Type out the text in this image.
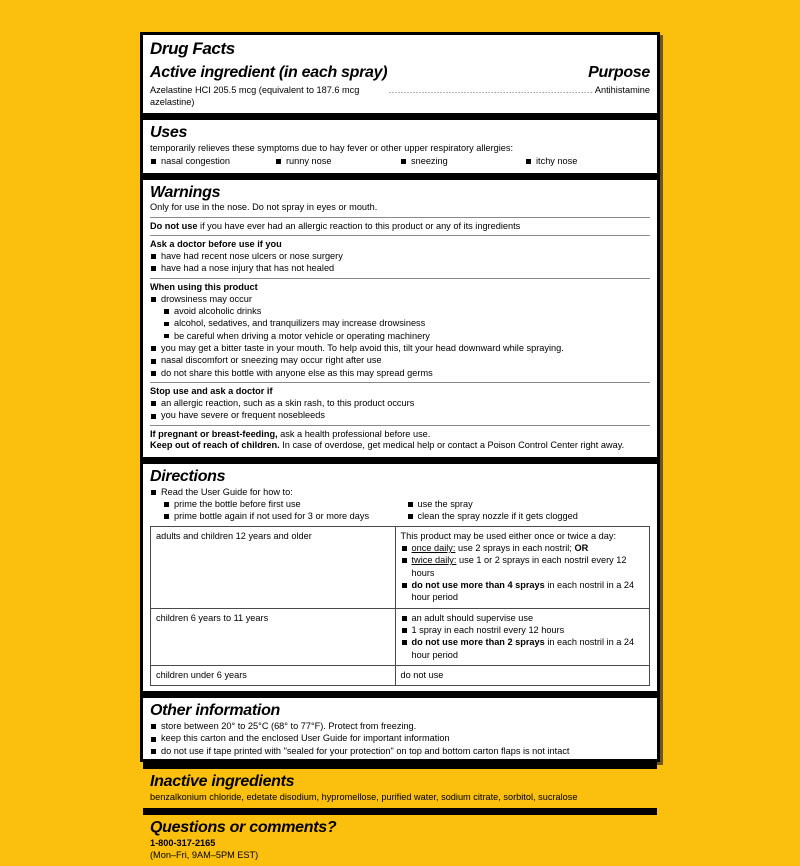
Drug Facts
Active ingredient (in each spray)	Purpose
Azelastine HCI 205.5 mcg (equivalent to 187.6 mcg azelastine)
.................................................................... Antihistamine
Uses
temporarily relieves these symptoms due to hay fever or other upper respiratory allergies:
nasal congestion	runny nose	sneezing	itchy nose
Warnings
Only for use in the nose. Do not spray in eyes or mouth.
Do not use if you have ever had an allergic reaction to this product or any of its ingredients
Ask a doctor before use if you
have had recent nose ulcers or nose surgery
have had a nose injury that has not healed
When using this product
drowsiness may occur
avoid alcoholic drinks
alcohol, sedatives, and tranquilizers may increase drowsiness
be careful when driving a motor vehicle or operating machinery
you may get a bitter taste in your mouth. To help avoid this, tilt your head downward while spraying.
nasal discomfort or sneezing may occur right after use
do not share this bottle with anyone else as this may spread germs
Stop use and ask a doctor if
an allergic reaction, such as a skin rash, to this product occurs
you have severe or frequent nosebleeds
If pregnant or breast-feeding, ask a health professional before use.
Keep out of reach of children. In case of overdose, get medical help or contact a Poison Control Center right away.
Directions
Read the User Guide for how to:
prime the bottle before first use
prime bottle again if not used for 3 or more days
use the spray
clean the spray nozzle if it gets clogged
adults and children 12 years and older	This product may be used either once or twice a day:
once daily: use 2 sprays in each nostril; OR
twice daily: use 1 or 2 sprays in each nostril every 12 hours
do not use more than 4 sprays in each nostril in a 24 hour period

children 6 years to 11 years	an adult should supervise use
1 spray in each nostril every 12 hours
do not use more than 2 sprays in each nostril in a 24 hour period

children under 6 years	do not use
Other information
store between 20° to 25°C (68° to 77°F). Protect from freezing.
keep this carton and the enclosed User Guide for important information
do not use if tape printed with "sealed for your protection" on top and bottom carton flaps is not intact
Inactive ingredients
benzalkonium chloride, edetate disodium, hypromellose, purified water, sodium citrate, sorbitol, sucralose
Questions or comments?
1-800-317-2165
(Mon–Fri, 9AM–5PM EST)
